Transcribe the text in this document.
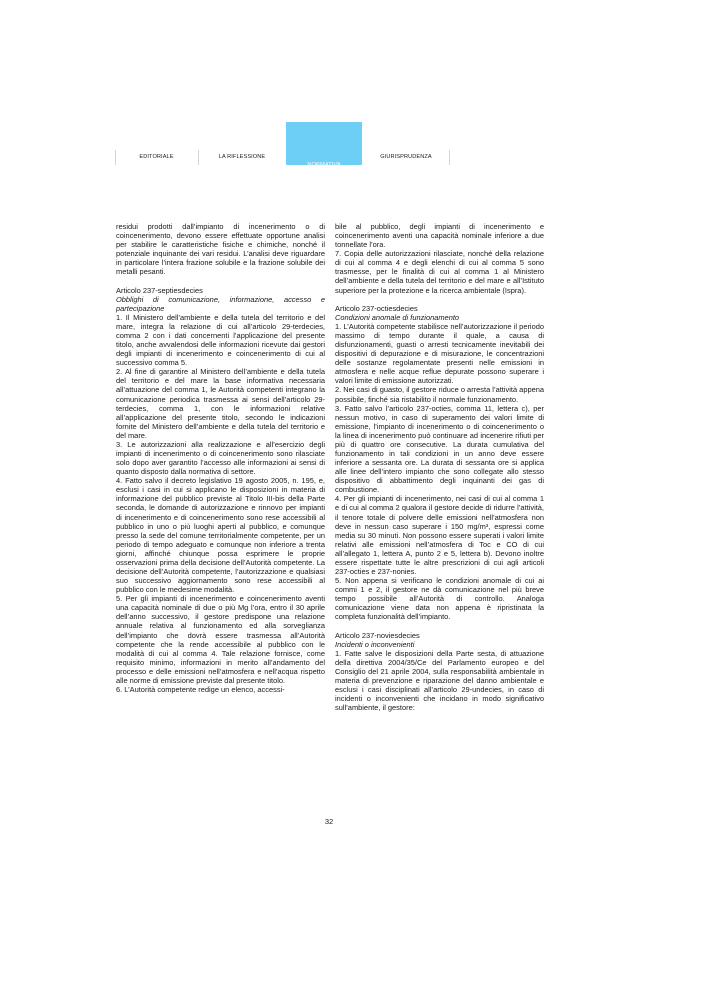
EDITORIALE	LA RIFLESSIONE
NORMATIVA
GIURISPRUDENZA

residui prodotti dall’impianto di incenerimento o di coincenerimento, devono essere effettuate opportune analisi per stabilire le caratteristiche fisiche e chimiche, nonché il potenziale inquinante dei vari residui. L’analisi deve riguardare in particolare l’intera frazione solubile e la frazione solubile dei metalli pesanti.

Articolo 237-septiesdecies

Obblighi di comunicazione, informazione, accesso e partecipazione

1. Il Ministero dell’ambiente e della tutela del territorio e del mare, integra la relazione di cui all’articolo 29-terdecies, comma 2 con i dati concernenti l’applicazione del presente titolo, anche avvalendosi delle informazioni ricevute dai gestori degli impianti di incenerimento e coincenerimento di cui al successivo comma 5.

2. Al fine di garantire al Ministero dell’ambiente e della tutela del territorio e del mare la base informativa necessaria all’attuazione del comma 1, le Autorità competenti integrano la comunicazione periodica trasmessa ai sensi dell’articolo 29-terdecies, comma 1, con le informazioni relative all’applicazione del presente titolo, secondo le indicazioni fornite del Ministero dell’ambiente e della tutela del territorio e del mare.

3. Le autorizzazioni alla realizzazione e all’esercizio degli impianti di incenerimento o di coincenerimento sono rilasciate solo dopo aver garantito l’accesso alle informazioni ai sensi di quanto disposto dalla normativa di settore.

4. Fatto salvo il decreto legislativo 19 agosto 2005, n. 195, e, esclusi i casi in cui si applicano le disposizioni in materia di informazione del pubblico previste al Titolo III-bis della Parte seconda, le domande di autorizzazione e rinnovo per impianti di incenerimento e di coincenerimento sono rese accessibili al pubblico in uno o più luoghi aperti al pubblico, e comunque presso la sede del comune territorialmente competente, per un periodo di tempo adeguato e comunque non inferiore a trenta giorni, affinché chiunque possa esprimere le proprie osservazioni prima della decisione dell’Autorità competente. La decisione dell’Autorità competente, l’autorizzazione e qualsiasi suo successivo aggiornamento sono rese accessibili al pubblico con le medesime modalità.

5. Per gli impianti di incenerimento e coincenerimento aventi una capacità nominale di due o più Mg l’ora, entro il 30 aprile dell’anno successivo, il gestore predispone una relazione annuale relativa al funzionamento ed alla sorveglianza dell’impianto che dovrà essere trasmessa all’Autorità competente che la rende accessibile al pubblico con le modalità di cui al comma 4. Tale relazione fornisce, come requisito minimo, informazioni in merito all’andamento del processo e delle emissioni nell’atmosfera e nell’acqua rispetto alle norme di emissione previste dal presente titolo.

6. L’Autorità competente redige un elenco, accessi-

bile al pubblico, degli impianti di incenerimento e coincenerimento aventi una capacità nominale inferiore a due tonnellate l’ora.

7. Copia delle autorizzazioni rilasciate, nonché della relazione di cui al comma 4 e degli elenchi di cui al comma 5 sono trasmesse, per le finalità di cui al comma 1 al Ministero dell’ambiente e della tutela del territorio e del mare e all’Istituto superiore per la protezione e la ricerca ambientale (Ispra).

Articolo 237-octiesdecies

Condizioni anomale di funzionamento

1. L’Autorità competente stabilisce nell’autorizzazione il periodo massimo di tempo durante il quale, a causa di disfunzionamenti, guasti o arresti tecnicamente inevitabili dei dispositivi di depurazione e di misurazione, le concentrazioni delle sostanze regolamentate presenti nelle emissioni in atmosfera e nelle acque reflue depurate possono superare i valori limite di emissione autorizzati.

2. Nei casi di guasto, il gestore riduce o arresta l’attività appena possibile, finché sia ristabilito il normale funzionamento.

3. Fatto salvo l’articolo 237-octies, comma 11, lettera c), per nessun motivo, in caso di superamento dei valori limite di emissione, l’impianto di incenerimento o di coincenerimento o la linea di incenerimento può continuare ad incenerire rifiuti per più di quattro ore consecutive. La durata cumulativa del funzionamento in tali condizioni in un anno deve essere inferiore a sessanta ore. La durata di sessanta ore si applica alle linee dell’intero impianto che sono collegate allo stesso dispositivo di abbattimento degli inquinanti dei gas di combustione.

4. Per gli impianti di incenerimento, nei casi di cui al comma 1 e di cui al comma 2 qualora il gestore decide di ridurre l’attività, il tenore totale di polvere delle emissioni nell’atmosfera non deve in nessun caso superare i 150 mg/m³, espressi come media su 30 minuti. Non possono essere superati i valori limite relativi alle emissioni nell’atmosfera di Toc e CO di cui all’allegato 1, lettera A, punto 2 e 5, lettera b). Devono inoltre essere rispettate tutte le altre prescrizioni di cui agli articoli 237-octies e 237-nonies.

5. Non appena si verificano le condizioni anomale di cui ai commi 1 e 2, il gestore ne dà comunicazione nel più breve tempo possibile all’Autorità di controllo. Analoga comunicazione viene data non appena è ripristinata la completa funzionalità dell’impianto.

Articolo 237-noviesdecies

Incidenti o inconvenienti

1. Fatte salve le disposizioni della Parte sesta, di attuazione della direttiva 2004/35/Ce del Parlamento europeo e del Consiglio del 21 aprile 2004, sulla responsabilità ambientale in materia di prevenzione e riparazione del danno ambientale e esclusi i casi disciplinati all’articolo 29-undecies, in caso di incidenti o inconvenienti che incidano in modo significativo sull’ambiente, il gestore:

32
